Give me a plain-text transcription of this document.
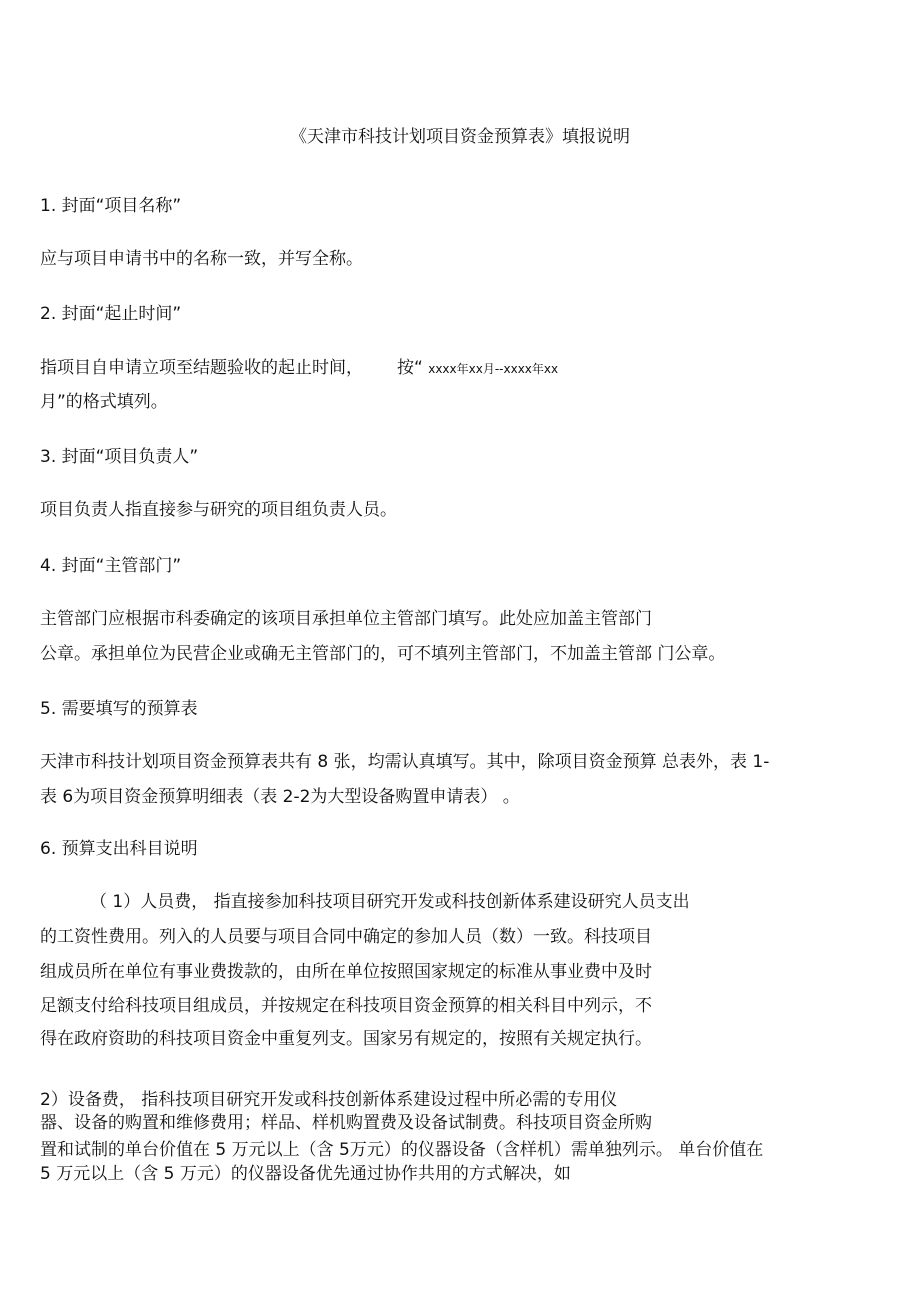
《天津市科技计划项目资金预算表》填报说明
1. 封面“项目名称”
应与项目申请书中的名称一致，并写全称。
2. 封面“起止时间”
指项目自申请立项至结题验收的起止时间， 按“ xxxx年xx月--xxxx年xx
月”的格式填列。
3. 封面“项目负责人”
项目负责人指直接参与研究的项目组负责人员。
4. 封面“主管部门”
主管部门应根据市科委确定的该项目承担单位主管部门填写。此处应加盖主管部门
公章。承担单位为民营企业或确无主管部门的，可不填列主管部门，不加盖主管部 门公章。
5. 需要填写的预算表
天津市科技计划项目资金预算表共有 8 张，均需认真填写。其中，除项目资金预算 总表外，表 1-
表 6为项目资金预算明细表（表 2-2为大型设备购置申请表） 。
6. 预算支出科目说明
（ 1）人员费， 指直接参加科技项目研究开发或科技创新体系建设研究人员支出
的工资性费用。列入的人员要与项目合同中确定的参加人员（数）一致。科技项目
组成员所在单位有事业费拨款的，由所在单位按照国家规定的标准从事业费中及时
足额支付给科技项目组成员，并按规定在科技项目资金预算的相关科目中列示，不
得在政府资助的科技项目资金中重复列支。国家另有规定的，按照有关规定执行。
2）设备费， 指科技项目研究开发或科技创新体系建设过程中所必需的专用仪
器、设备的购置和维修费用；样品、样机购置费及设备试制费。科技项目资金所购
置和试制的单台价值在 5 万元以上（含 5万元）的仪器设备（含样机）需单独列示。 单台价值在
5 万元以上（含 5 万元）的仪器设备优先通过协作共用的方式解决，如
